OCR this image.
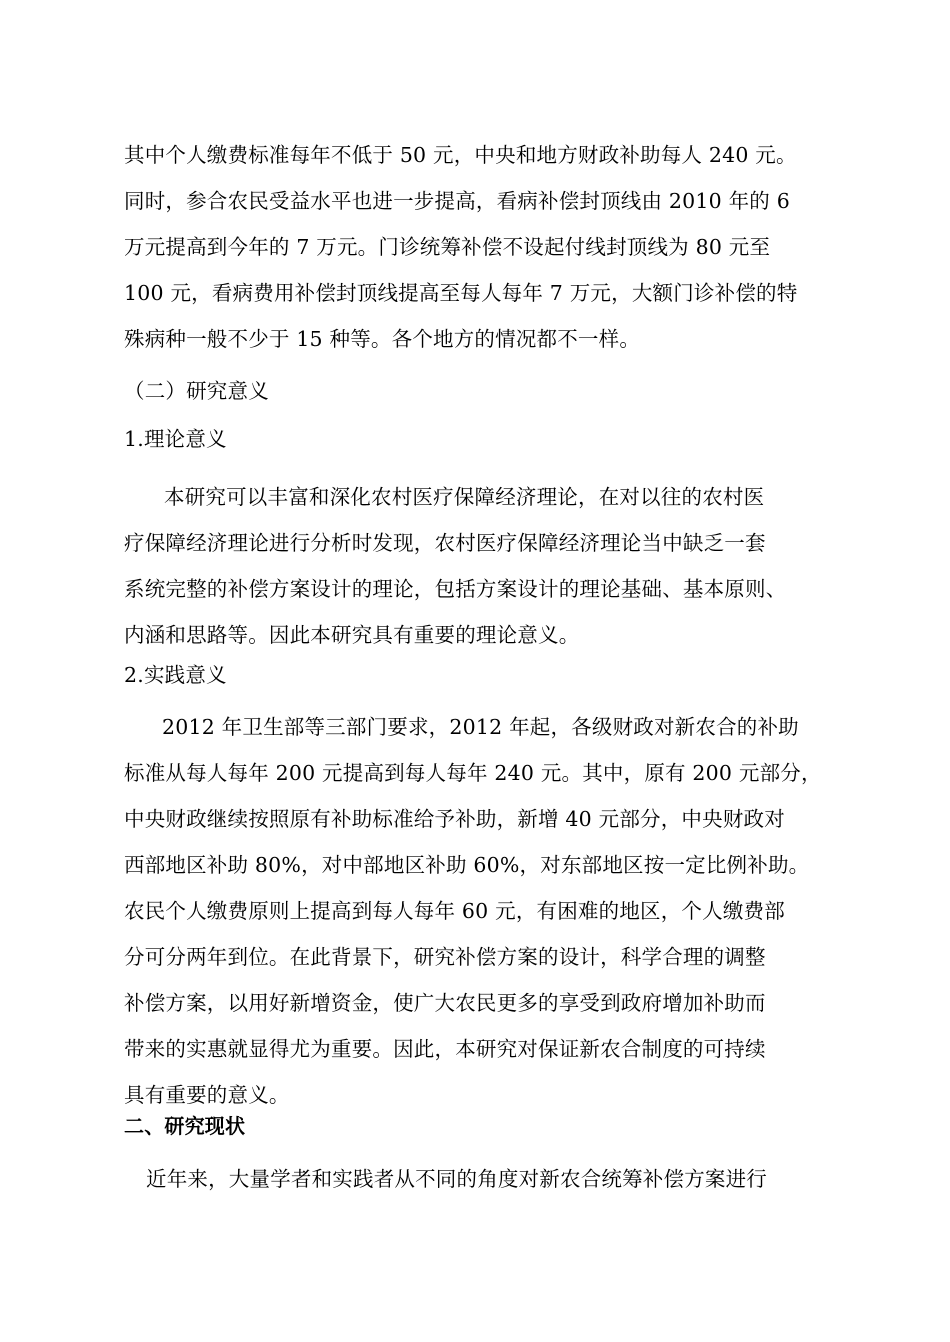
其中个人缴费标准每年不低于 50 元，中央和地方财政补助每人 240 元。
同时，参合农民受益水平也进一步提高，看病补偿封顶线由 2010 年的 6
万元提高到今年的 7 万元。门诊统筹补偿不设起付线封顶线为 80 元至
100 元，看病费用补偿封顶线提高至每人每年 7 万元，大额门诊补偿的特
殊病种一般不少于 15 种等。各个地方的情况都不一样。
（二）研究意义
1.理论意义
本研究可以丰富和深化农村医疗保障经济理论，在对以往的农村医
疗保障经济理论进行分析时发现，农村医疗保障经济理论当中缺乏一套
系统完整的补偿方案设计的理论，包括方案设计的理论基础、基本原则、
内涵和思路等。因此本研究具有重要的理论意义。
2.实践意义
2012 年卫生部等三部门要求，2012 年起，各级财政对新农合的补助
标准从每人每年 200 元提高到每人每年 240 元。其中，原有 200 元部分，
中央财政继续按照原有补助标准给予补助，新增 40 元部分，中央财政对
西部地区补助 80%，对中部地区补助 60%，对东部地区按一定比例补助。
农民个人缴费原则上提高到每人每年 60 元，有困难的地区，个人缴费部
分可分两年到位。在此背景下，研究补偿方案的设计，科学合理的调整
补偿方案，以用好新增资金，使广大农民更多的享受到政府增加补助而
带来的实惠就显得尤为重要。因此，本研究对保证新农合制度的可持续
具有重要的意义。
二、研究现状
近年来，大量学者和实践者从不同的角度对新农合统筹补偿方案进行
